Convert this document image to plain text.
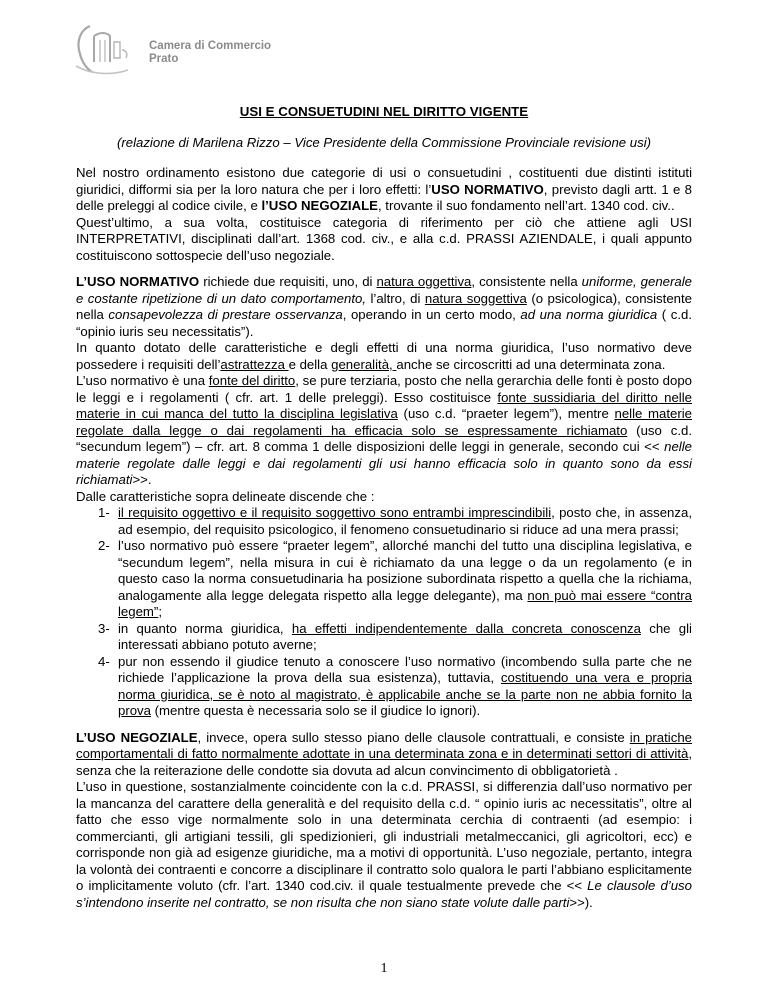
Camera di Commercio
Prato
USI E CONSUETUDINI NEL DIRITTO VIGENTE
(relazione di Marilena Rizzo – Vice Presidente della Commissione Provinciale revisione usi)

Nel nostro ordinamento esistono due categorie di usi o consuetudini , costituenti due distinti istituti giuridici, difformi sia per la loro natura che per i loro effetti: l’USO NORMATIVO, previsto dagli artt. 1 e 8 delle preleggi al codice civile, e l’USO NEGOZIALE, trovante il suo fondamento nell’art. 1340 cod. civ..

Quest’ultimo, a sua volta, costituisce categoria di riferimento per ciò che attiene agli USI INTERPRETATIVI, disciplinati dall’art. 1368 cod. civ., e alla c.d. PRASSI AZIENDALE, i quali appunto costituiscono sottospecie dell’uso negoziale.

L’USO NORMATIVO richiede due requisiti, uno, di natura oggettiva, consistente nella uniforme, generale e costante ripetizione di un dato comportamento, l’altro, di natura soggettiva (o psicologica), consistente nella consapevolezza di prestare osservanza, operando in un certo modo, ad una norma giuridica ( c.d. “opinio iuris seu necessitatis”).

In quanto dotato delle caratteristiche e degli effetti di una norma giuridica, l’uso normativo deve possedere i requisiti dell’astrattezza e della generalità, anche se circoscritti ad una determinata zona.

L’uso normativo è una fonte del diritto, se pure terziaria, posto che nella gerarchia delle fonti è posto dopo le leggi e i regolamenti ( cfr. art. 1 delle preleggi). Esso costituisce fonte sussidiaria del diritto nelle materie in cui manca del tutto la disciplina legislativa (uso c.d. “praeter legem”), mentre nelle materie regolate dalla legge o dai regolamenti ha efficacia solo se espressamente richiamato (uso c.d. “secundum legem”) – cfr. art. 8 comma 1 delle disposizioni delle leggi in generale, secondo cui << nelle materie regolate dalle leggi e dai regolamenti gli usi hanno efficacia solo in quanto sono da essi richiamati>>.

Dalle caratteristiche sopra delineate discende che :

1- il requisito oggettivo e il requisito soggettivo sono entrambi imprescindibili, posto che, in assenza, ad esempio, del requisito psicologico, il fenomeno consuetudinario si riduce ad una mera prassi;
2- l’uso normativo può essere “praeter legem”, allorché manchi del tutto una disciplina legislativa, e “secundum legem”, nella misura in cui è richiamato da una legge o da un regolamento (e in questo caso la norma consuetudinaria ha posizione subordinata rispetto a quella che la richiama, analogamente alla legge delegata rispetto alla legge delegante), ma non può mai essere “contra legem”;
3- in quanto norma giuridica, ha effetti indipendentemente dalla concreta conoscenza che gli interessati abbiano potuto averne;
4- pur non essendo il giudice tenuto a conoscere l’uso normativo (incombendo sulla parte che ne richiede l’applicazione la prova della sua esistenza), tuttavia, costituendo una vera e propria norma giuridica, se è noto al magistrato, è applicabile anche se la parte non ne abbia fornito la prova (mentre questa è necessaria solo se il giudice lo ignori).

L’USO NEGOZIALE, invece, opera sullo stesso piano delle clausole contrattuali, e consiste in pratiche comportamentali di fatto normalmente adottate in una determinata zona e in determinati settori di attività, senza che la reiterazione delle condotte sia dovuta ad alcun convincimento di obbligatorietà .

L’uso in questione, sostanzialmente coincidente con la c.d. PRASSI, si differenzia dall’uso normativo per la mancanza del carattere della generalità e del requisito della c.d. “ opinio iuris ac necessitatis”, oltre al fatto che esso vige normalmente solo in una determinata cerchia di contraenti (ad esempio: i commercianti, gli artigiani tessili, gli spedizionieri, gli industriali metalmeccanici, gli agricoltori, ecc) e corrisponde non già ad esigenze giuridiche, ma a motivi di opportunità. L’uso negoziale, pertanto, integra la volontà dei contraenti e concorre a disciplinare il contratto solo qualora le parti l’abbiano esplicitamente o implicitamente voluto (cfr. l’art. 1340 cod.civ. il quale testualmente prevede che << Le clausole d’uso s’intendono inserite nel contratto, se non risulta che non siano state volute dalle parti>>).

1
